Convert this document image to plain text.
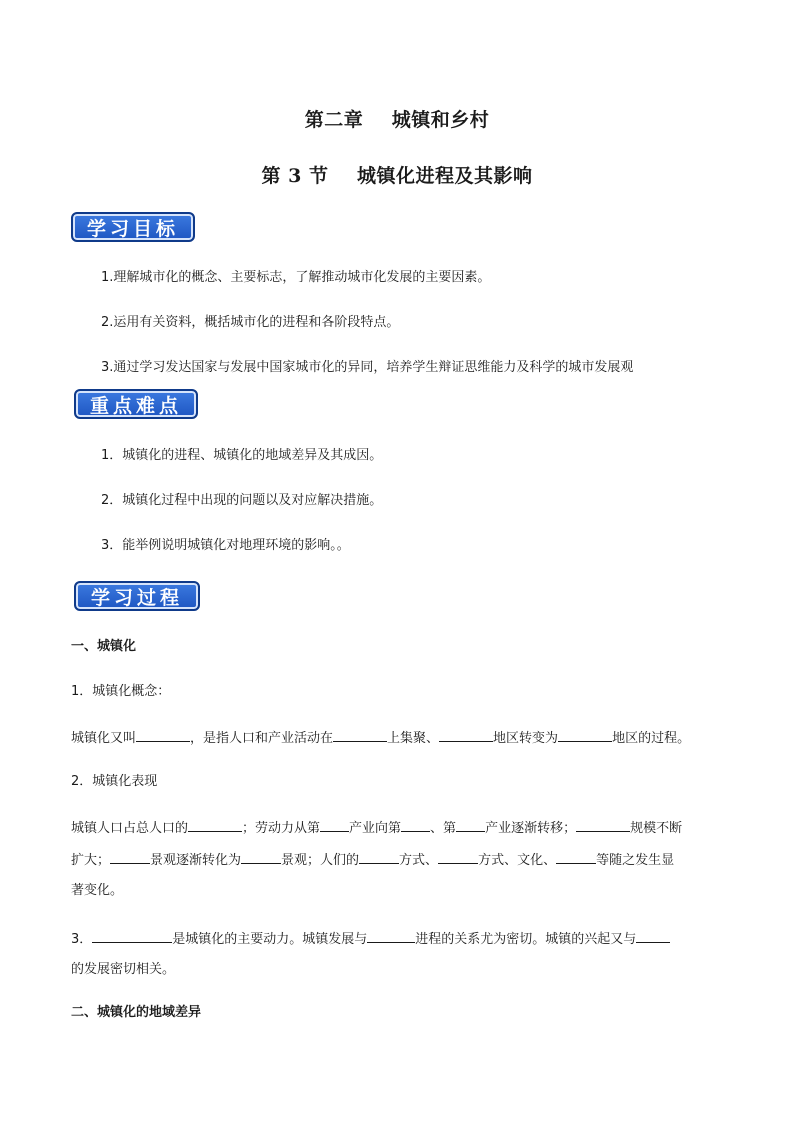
第二章    城镇和乡村
第 3 节    城镇化进程及其影响
学习目标
1.理解城市化的概念、主要标志，了解推动城市化发展的主要因素。
2.运用有关资料，概括城市化的进程和各阶段特点。
3.通过学习发达国家与发展中国家城市化的异同，培养学生辩证思维能力及科学的城市发展观
重点难点
1．城镇化的进程、城镇化的地域差异及其成因。
2．城镇化过程中出现的问题以及对应解决措施。
3．能举例说明城镇化对地理环境的影响。。
学习过程
一、城镇化
1．城镇化概念：
城镇化又叫	，是指人口和产业活动在	上集聚、	地区转变为	地区的过程。
2．城镇化表现
城镇人口占总人口的	；劳动力从第 产业向第 、第 产业逐渐转移；	规模不断
扩大；	景观逐渐转化为	景观；人们的	方式、	方式、文化、	等随之发生显
著变化。
3．	是城镇化的主要动力。城镇发展与	进程的关系尤为密切。城镇的兴起又与
的发展密切相关。
二、城镇化的地域差异
